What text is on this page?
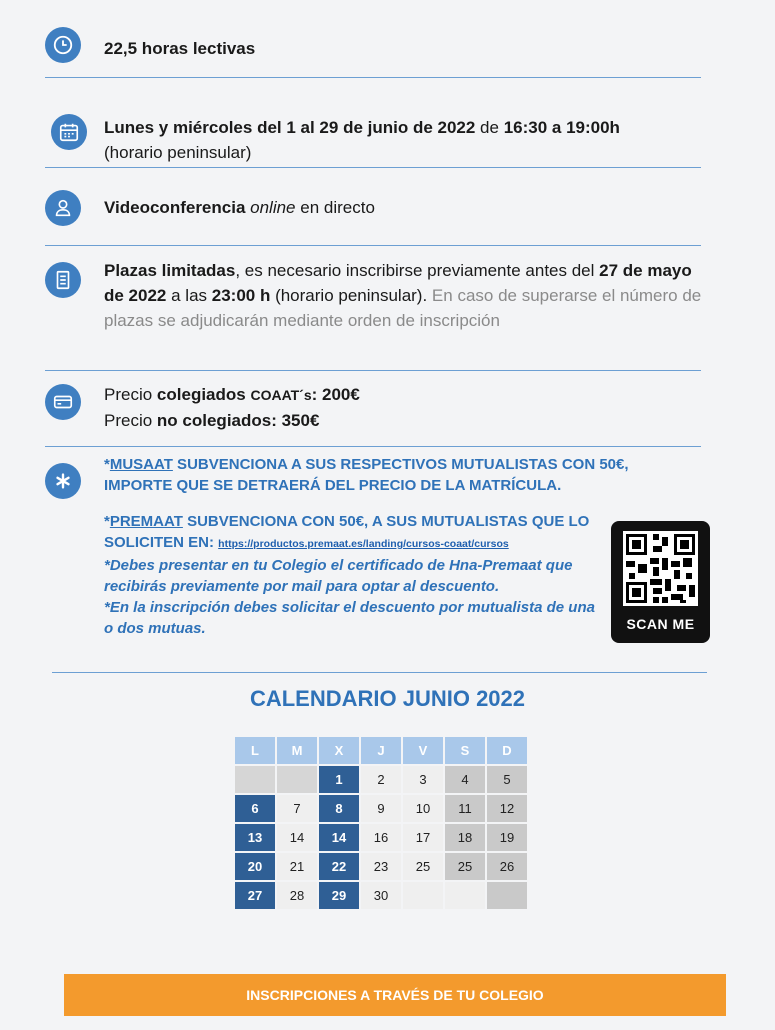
22,5 horas lectivas
Lunes y miércoles del 1 al 29 de junio de 2022 de 16:30 a 19:00h
(horario peninsular)
Videoconferencia online en directo
Plazas limitadas, es necesario inscribirse previamente antes del 27 de mayo de 2022 a las 23:00 h (horario peninsular). En caso de superarse el número de plazas se adjudicarán mediante orden de inscripción
Precio colegiados COAAT´s: 200€
Precio no colegiados: 350€
*MUSAAT SUBVENCIONA A SUS RESPECTIVOS MUTUALISTAS CON 50€, IMPORTE QUE SE DETRAERÁ DEL PRECIO DE LA MATRÍCULA.
*PREMAAT SUBVENCIONA CON 50€, A SUS MUTUALISTAS QUE LO SOLICITEN EN: https://productos.premaat.es/landing/cursos-coaat/cursos
*Debes presentar en tu Colegio el certificado de Hna-Premaat que recibirás previamente por mail para optar al descuento.
*En la inscripción debes solicitar el descuento por mutualista de una o dos mutuas.	SCAN ME
CALENDARIO JUNIO 2022
L	M	X	J	V	S	D
		1	2	3	4	5
6	7	8	9	10	11	12
13	14	14	16	17	18	19
20	21	22	23	25	25	26
27	28	29	30			
INSCRIPCIONES A TRAVÉS DE TU COLEGIO
